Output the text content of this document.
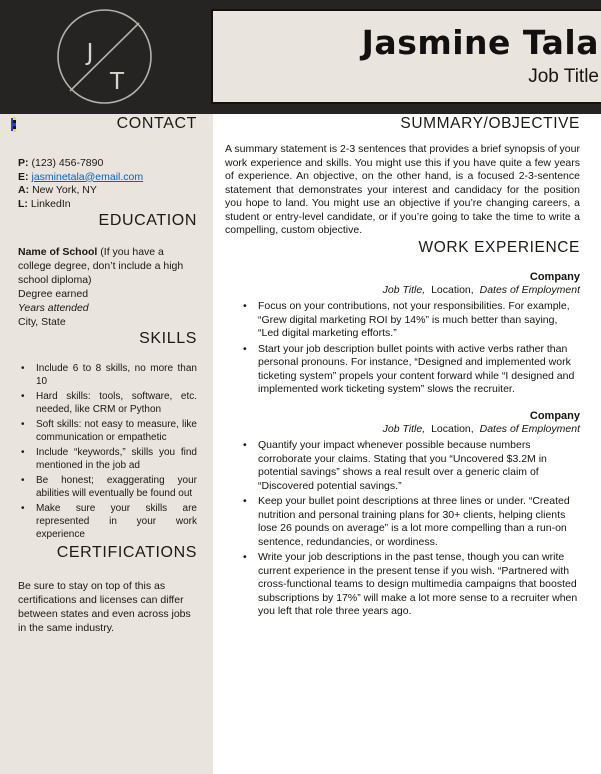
J
T
Jasmine Tala
Job Title
CONTACT
P: (123) 456-7890
E: jasminetala@email.com
A: New York, NY
L: LinkedIn
EDUCATION
Name of School (If you have a college degree, don’t include a high school diploma)
Degree earned
Years attended
City, State
SKILLS
• Include 6 to 8 skills, no more than 10
• Hard skills: tools, software, etc. needed, like CRM or Python
• Soft skills: not easy to measure, like communication or empathetic
• Include “keywords,” skills you find mentioned in the job ad
• Be honest; exaggerating your abilities will eventually be found out
• Make sure your skills are represented in your work experience
CERTIFICATIONS

Be sure to stay on top of this as certifications and licenses can differ between states and even across jobs in the same industry.

SUMMARY/OBJECTIVE

A summary statement is 2-3 sentences that provides a brief synopsis of your work experience and skills. You might use this if you have quite a few years of experience. An objective, on the other hand, is a focused 2-3-sentence statement that demonstrates your interest and candidacy for the position you hope to land. You might use an objective if you’re changing careers, a student or entry-level candidate, or if you’re going to take the time to write a compelling, custom objective.

WORK EXPERIENCE
Company

Job Title, Location, Dates of Employment

• Focus on your contributions, not your responsibilities. For example, “Grew digital marketing ROI by 14%” is much better than saying, “Led digital marketing efforts.”
• Start your job description bullet points with active verbs rather than personal pronouns. For instance, “Designed and implemented work ticketing system” propels your content forward while “I designed and implemented work ticketing system” slows the recruiter.
Company

Job Title, Location, Dates of Employment

• Quantify your impact whenever possible because numbers corroborate your claims. Stating that you “Uncovered $3.2M in potential savings” shows a real result over a generic claim of “Discovered potential savings.”
• Keep your bullet point descriptions at three lines or under. “Created nutrition and personal training plans for 30+ clients, helping clients lose 26 pounds on average” is a lot more compelling than a run-on sentence, redundancies, or wordiness.
• Write your job descriptions in the past tense, though you can write current experience in the present tense if you wish. “Partnered with cross-functional teams to design multimedia campaigns that boosted subscriptions by 17%” will make a lot more sense to a recruiter when you left that role three years ago.
